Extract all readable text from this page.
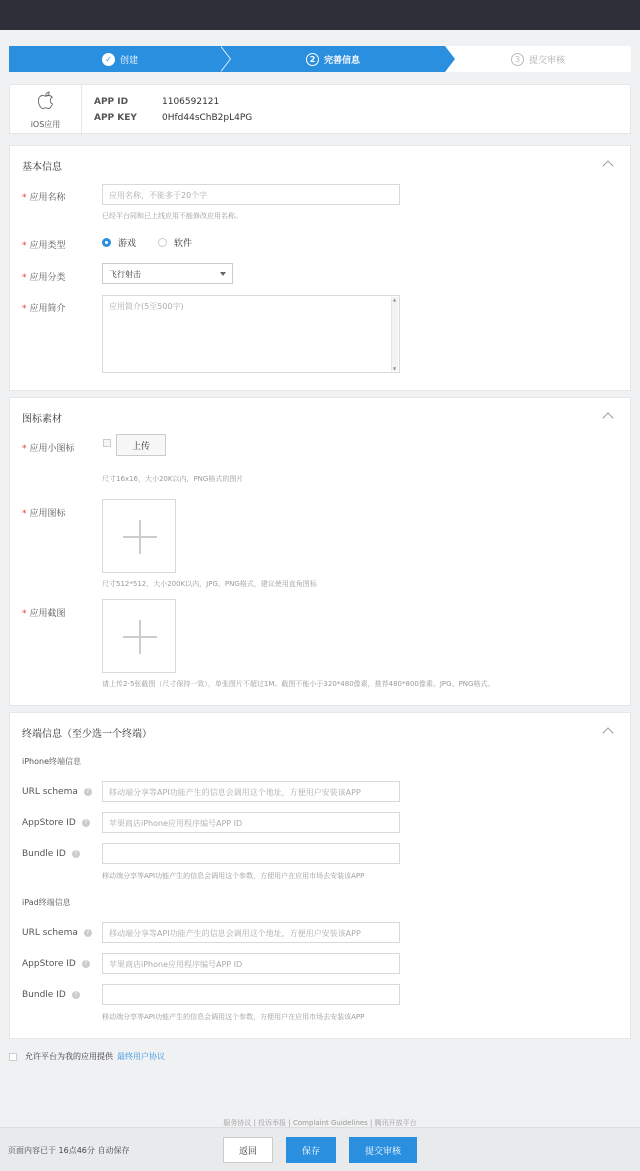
✓ 创建	2 完善信息	3 提交审核
iOS应用
APP ID	1106592121
APP KEY	0Hfd44sChB2pL4PG
基本信息
* 应用名称	应用名称，不能多于20个字
已经平台同和已上线应用不能修改应用名称。
* 应用类型	游戏	软件
* 应用分类	飞行射击
* 应用简介	应用简介(5至500字)
▲ ▼
图标素材
* 应用小图标	上传
尺寸16x16，大小20K以内，PNG格式的图片
* 应用图标
尺寸512*512，大小200K以内，JPG、PNG格式，建议使用直角图标
* 应用截图
请上传2-5张截图（尺寸保持一致），单张图片不超过1M。截图不能小于320*480像素，推荐480*800像素。JPG、PNG格式。
终端信息（至少选一个终端）
iPhone终端信息
URL schema ?	移动端分享等API功能产生的信息会调用这个地址，方便用户安装该APP
AppStore ID ?	苹果商店iPhone应用程序编号APP ID
Bundle ID ?
移动端分享等API功能产生的信息会调用这个参数，方便用户在应用市场去安装该APP
iPad终端信息
URL schema ?	移动端分享等API功能产生的信息会调用这个地址，方便用户安装该APP
AppStore ID ?	苹果商店iPhone应用程序编号APP ID
Bundle ID ?
移动端分享等API功能产生的信息会调用这个参数，方便用户在应用市场去安装该APP
允许平台为我的应用提供 最终用户协议
服务协议 | 投诉举报 | Complaint Guidelines | 腾讯开放平台
页面内容已于 16点46分 自动保存	返回	保存	提交审核
